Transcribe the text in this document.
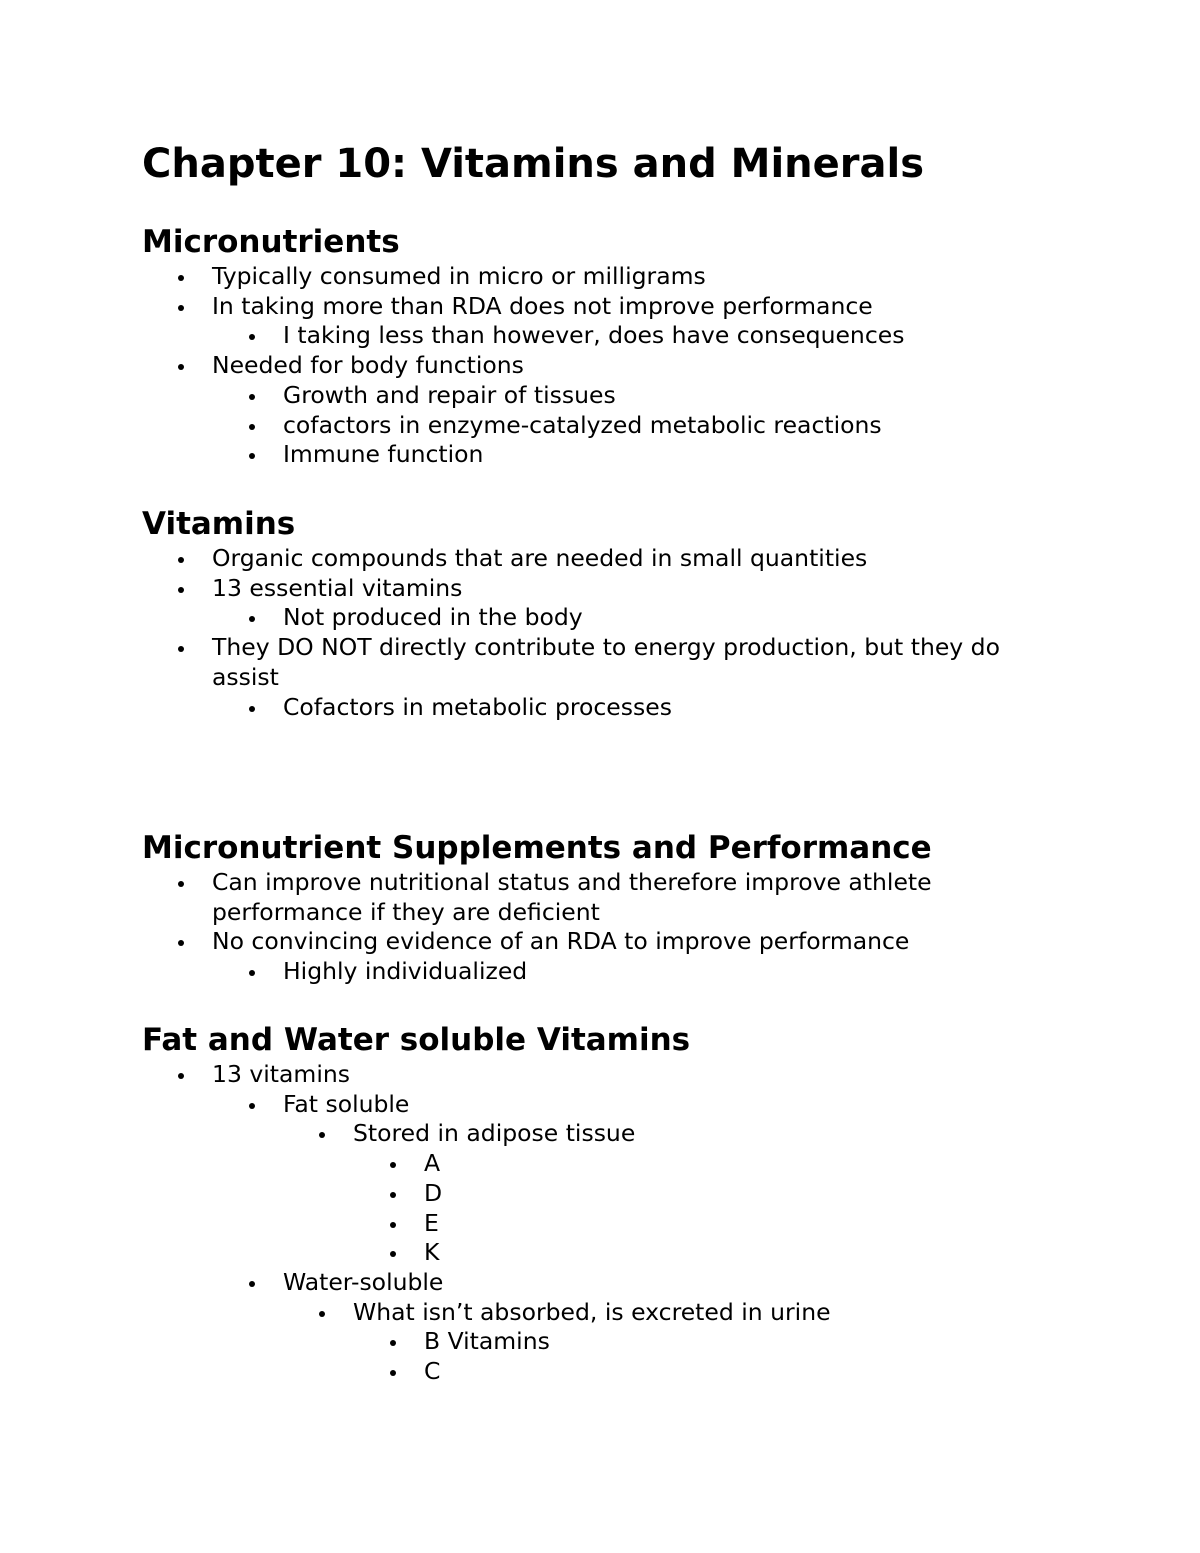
Chapter 10: Vitamins and Minerals
Micronutrients
Typically consumed in micro or milligrams
In taking more than RDA does not improve performance
I taking less than however, does have consequences
Needed for body functions
Growth and repair of tissues
cofactors in enzyme-catalyzed metabolic reactions
Immune function
Vitamins
Organic compounds that are needed in small quantities
13 essential vitamins
Not produced in the body
They DO NOT directly contribute to energy production, but they do assist
Cofactors in metabolic processes
Micronutrient Supplements and Performance
Can improve nutritional status and therefore improve athlete performance if they are deficient
No convincing evidence of an RDA to improve performance
Highly individualized
Fat and Water soluble Vitamins
13 vitamins
Fat soluble
Stored in adipose tissue
A
D
E
K
Water-soluble
What isn’t absorbed, is excreted in urine
B Vitamins
C
